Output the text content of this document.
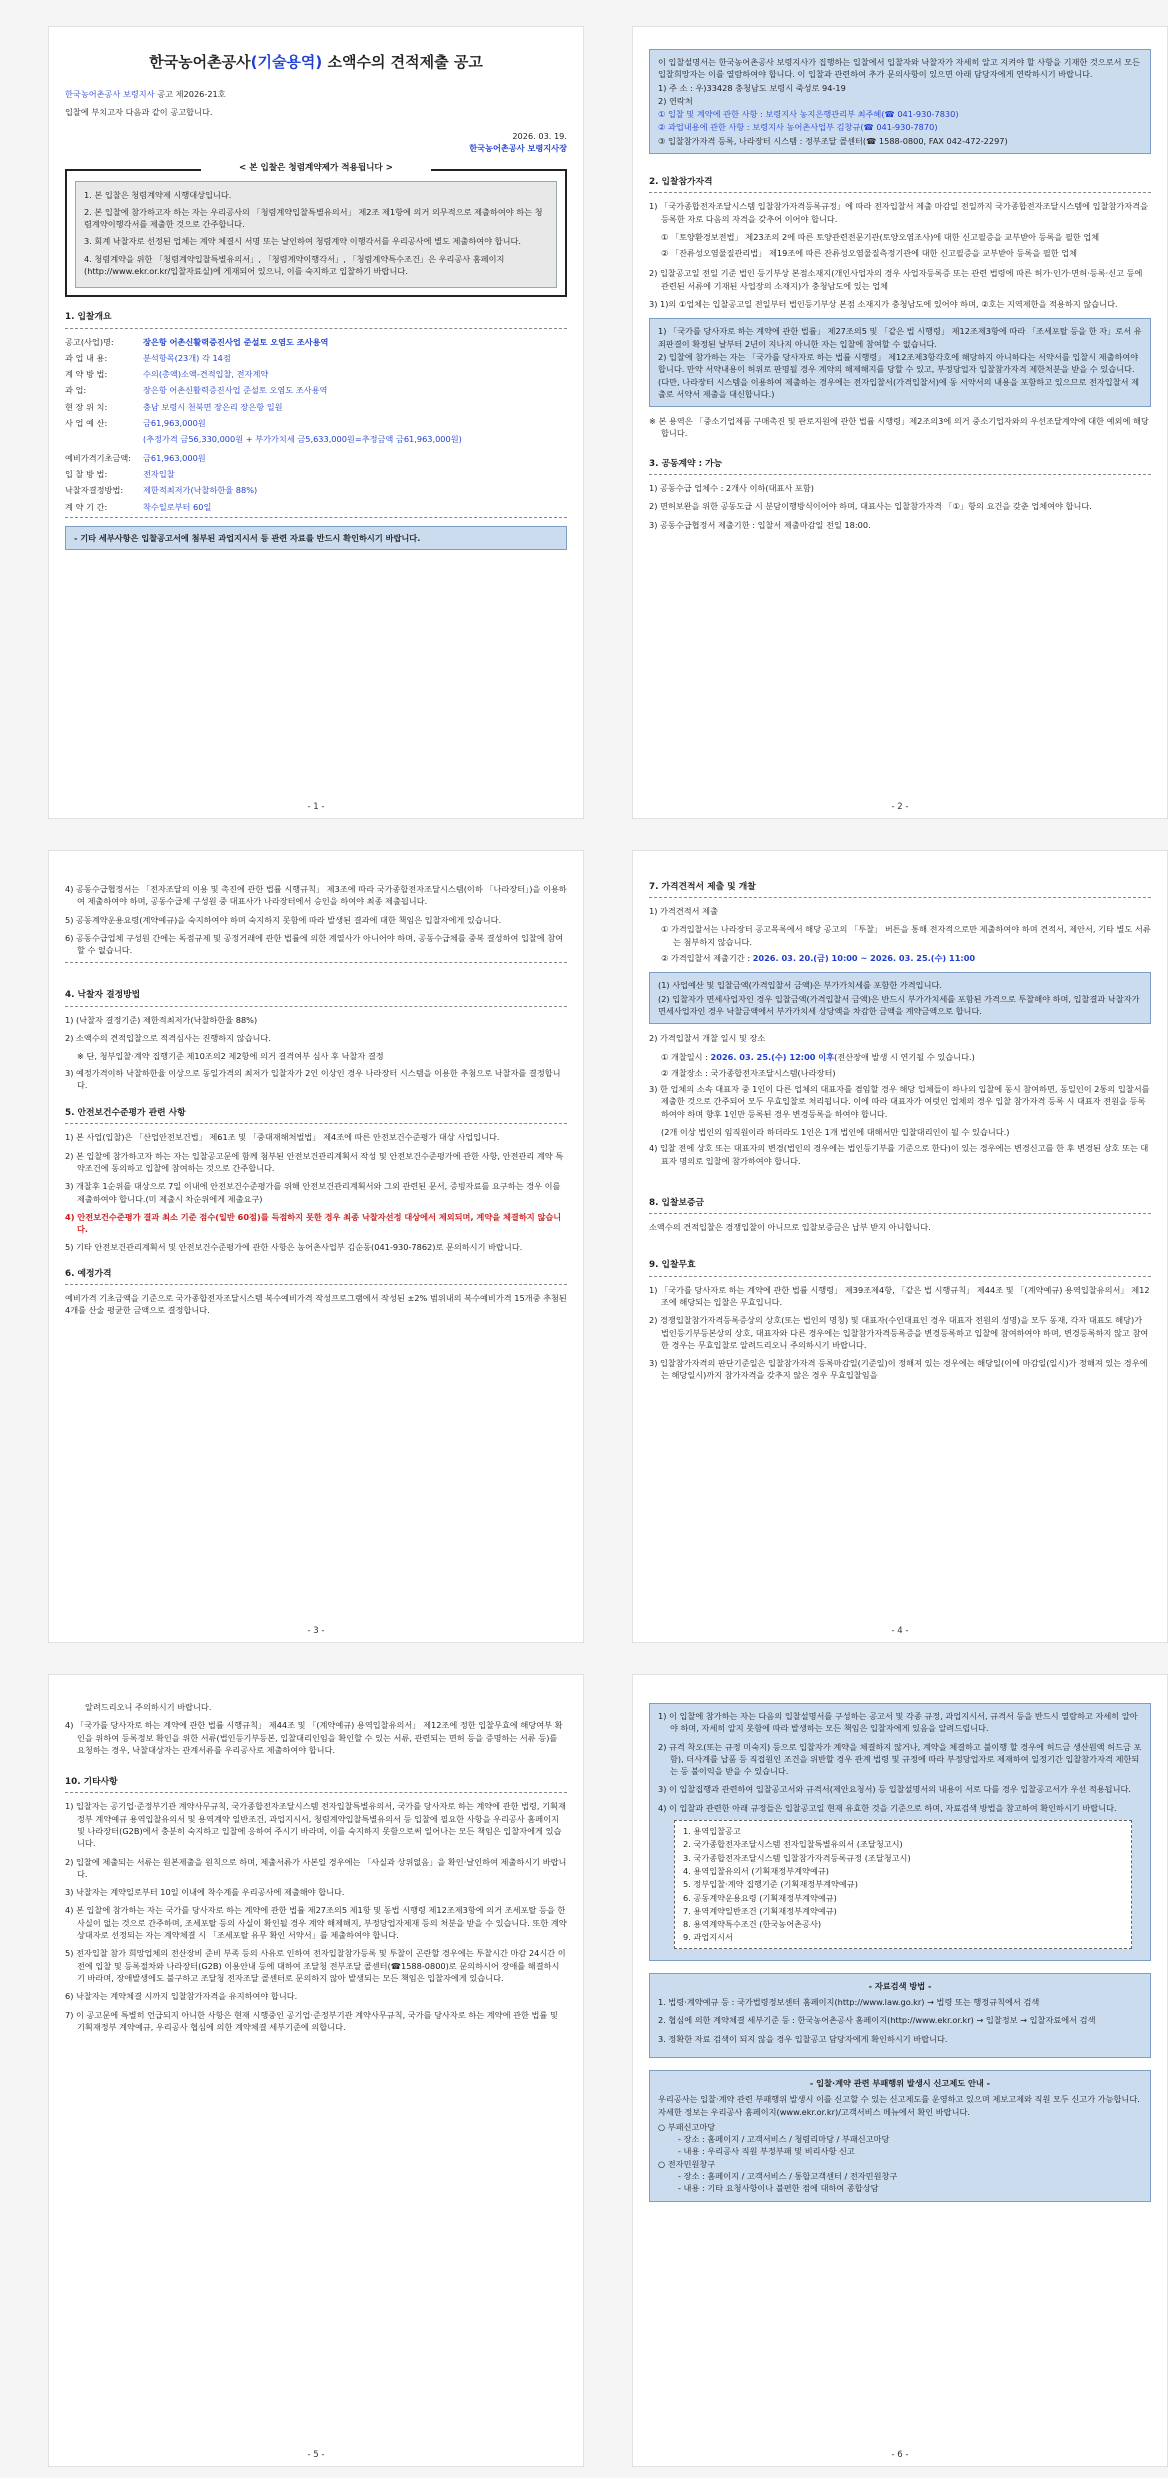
한국농어촌공사(기술용역) 소액수의 견적제출 공고
한국농어촌공사 보령지사 공고 제2026-21호
입찰에 부치고자 다음과 같이 공고합니다.
2026. 03. 19.
한국농어촌공사 보령지사장
< 본 입찰은 청렴계약제가 적용됩니다 >

1. 본 입찰은 청렴계약제 시행대상입니다.

2. 본 입찰에 참가하고자 하는 자는 우리공사의 「청렴계약입찰특별유의서」 제2조 제1항에 의거 의무적으로 제출하여야 하는 청렴계약이행각서를 제출한 것으로 간주합니다.

3. 회계 낙찰자로 선정된 업체는 계약 체결시 서명 또는 날인하여 청렴계약 이행각서를 우리공사에 별도 제출하여야 합니다.

4. 청렴계약을 위한 「청렴계약입찰특별유의서」, 「청렴계약이행각서」, 「청렴계약특수조건」은 우리공사 홈페이지(http://www.ekr.or.kr/입찰자료실)에 게재되어 있으니, 이를 숙지하고 입찰하기 바랍니다.

1. 입찰개요
공고(사업)명:	장은항 어촌신활력증진사업 준설토 오염도 조사용역
과 업 내 용:	분석항목(23개) 각 14점
계 약 방 법:	수의(총액)소액-견적입찰, 전자계약
과 업:	장은항 어촌신활력증진사업 준설토 오염도 조사용역
현 장 위 치:	충남 보령시 천북면 장은리 장은항 일원
사 업 예 산:	금61,963,000원
(추정가격 금56,330,000원 + 부가가치세 금5,633,000원=추정금액 금61,963,000원)
예비가격기초금액:	금61,963,000원
입 찰 방 법:	전자입찰
낙찰자결정방법:	제한적최저가(낙찰하한율 88%)
계 약 기 간:	착수일로부터 60일
- 기타 세부사항은 입찰공고서에 첨부된 과업지시서 등 관련 자료를 반드시 확인하시기 바랍니다.
- 1 -

이 입찰설명서는 한국농어촌공사 보령지사가 집행하는 입찰에서 입찰자와 낙찰자가 자세히 알고 지켜야 할 사항을 기재한 것으로서 모든 입찰희망자는 이를 열람하여야 합니다. 이 입찰과 관련하여 추가 문의사항이 있으면 아래 담당자에게 연락하시기 바랍니다.

1) 주 소 : 우)33428 충청남도 보령시 죽성로 94-19

2) 연락처

① 입찰 및 계약에 관한 사항 : 보령지사 농지은행관리부 최주혜(☎ 041-930-7830)

② 과업내용에 관한 사항 : 보령지사 농어촌사업부 김창규(☎ 041-930-7870)

③ 입찰참가자격 등록, 나라장터 시스템 : 정부조달 콜센터(☎ 1588-0800, FAX 042-472-2297)

2. 입찰참가자격
1) 「국가종합전자조달시스템 입찰참가자격등록규정」에 따라 전자입찰서 제출 마감일 전일까지 국가종합전자조달시스템에 입찰참가자격을 등록한 자로 다음의 자격을 갖추어 이어야 합니다.
① 「토양환경보전법」 제23조의 2에 따른 토양관련전문기관(토양오염조사)에 대한 신고필증을 교부받아 등록을 필한 업체
② 「잔류성오염물질관리법」 제19조에 따른 잔류성오염물질측정기관에 대한 신고필증을 교부받아 등록을 필한 업체
2) 입찰공고일 전일 기준 법인 등기부상 본점소재지(개인사업자의 경우 사업자등록증 또는 관련 법령에 따른 허가·인가·면허·등록·신고 등에 관련된 서류에 기재된 사업장의 소재지)가 충청남도에 있는 업체
3) 1)의 ①업체는 입찰공고일 전일부터 법인등기부상 본점 소재지가 충청남도에 있어야 하며, ②호는 지역제한을 적용하지 않습니다.

1) 「국가를 당사자로 하는 계약에 관한 법률」 제27조의5 및 「같은 법 시행령」 제12조제3항에 따라 「조세포탈 등을 한 자」로서 유죄판결이 확정된 날부터 2년이 지나지 아니한 자는 입찰에 참여할 수 없습니다.

2) 입찰에 참가하는 자는 「국가를 당사자로 하는 법률 시행령」 제12조제3항각호에 해당하지 아니하다는 서약서를 입찰시 제출하여야 합니다. 만약 서약내용이 허위로 판명될 경우 계약의 해제해지를 당할 수 있고, 부정당업자 입찰참가자격 제한처분을 받을 수 있습니다. (다만, 나라장터 시스템을 이용하여 제출하는 경우에는 전자입찰서(가격입찰서)에 동 서약서의 내용을 포함하고 있으므로 전자입찰서 제출로 서약서 제출을 대신합니다.)

※ 본 용역은 「중소기업제품 구매촉진 및 판로지원에 관한 법률 시행령」제2조의3에 의거 중소기업자와의 우선조달계약에 대한 예외에 해당합니다.
3. 공동계약 : 가능
1) 공동수급 업체수 : 2개사 이하(대표사 포함)
2) 면허보완을 위한 공동도급 시 분담이행방식이어야 하며, 대표사는 입찰참가자격 「①」항의 요건을 갖춘 업체여야 합니다.
3) 공동수급협정서 제출기한 : 입찰서 제출마감일 전일 18:00.
- 2 -
4) 공동수급협정서는 「전자조달의 이용 및 촉진에 관한 법률 시행규칙」 제3조에 따라 국가종합전자조달시스템(이하 「나라장터」)을 이용하여 제출하여야 하며, 공동수급체 구성원 중 대표사가 나라장터에서 승인을 하여야 최종 제출됩니다.
5) 공동계약운용요령(계약예규)을 숙지하여야 하며 숙지하지 못함에 따라 발생된 결과에 대한 책임은 입찰자에게 있습니다.
6) 공동수급업체 구성원 간에는 독점규제 및 공정거래에 관한 법률에 의한 계열사가 아니어야 하며, 공동수급체를 중복 결성하여 입찰에 참여할 수 없습니다.
4. 낙찰자 결정방법
1) (낙찰자 결정기준) 제한적최저가(낙찰하한율 88%)
2) 소액수의 견적입찰으로 적격심사는 진행하지 않습니다.
※ 단, 청부입찰·계약 집행기준 제10조의2 제2항에 의거 결격여부 심사 후 낙찰자 결정
3) 예정가격이하 낙찰하한율 이상으로 동일가격의 최저가 입찰자가 2인 이상인 경우 나라장터 시스템을 이용한 추첨으로 낙찰자를 결정합니다.
5. 안전보건수준평가 관련 사항
1) 본 사업(입찰)은 「산업안전보건법」 제61조 및 「중대재해처벌법」 제4조에 따른 안전보건수준평가 대상 사업입니다.
2) 본 입찰에 참가하고자 하는 자는 입찰공고문에 함께 첨부된 안전보건관리계획서 작성 및 안전보건수준평가에 관한 사항, 안전관리 계약 특약조건에 동의하고 입찰에 참여하는 것으로 간주합니다.
3) 개찰후 1순위를 대상으로 7일 이내에 안전보건수준평가를 위해 안전보건관리계획서와 그외 관련된 문서, 증빙자료를 요구하는 경우 이를 제출하여야 합니다.(미 제출시 차순위에게 제출요구)
4) 안전보건수준평가 결과 최소 기준 점수(일반 60점)를 득점하지 못한 경우 최종 낙찰자선정 대상에서 제외되며, 계약을 체결하지 않습니다.
5) 기타 안전보건관리계획서 및 안전보건수준평가에 관한 사항은 농어촌사업부 김순동(041-930-7862)로 문의하시기 바랍니다.
6. 예정가격
예비가격 기초금액을 기준으로 국가종합전자조달시스템 복수예비가격 작성프로그램에서 작성된 ±2% 범위내의 복수예비가격 15개중 추첨된 4개를 산술 평균한 금액으로 결정합니다.
- 3 -
7. 가격견적서 제출 및 개찰
1) 가격견적서 제출
① 가격입찰서는 나라장터 공고목록에서 해당 공고의 「투찰」 버튼을 통해 전자적으로만 제출하여야 하며 견적서, 제안서, 기타 별도 서류는 첨부하지 않습니다.
② 가격입찰서 제출기간 : 2026. 03. 20.(금) 10:00 ~ 2026. 03. 25.(수) 11:00

(1) 사업예산 및 입찰금액(가격입찰서 금액)은 부가가치세를 포함한 가격입니다.

(2) 입찰자가 면세사업자인 경우 입찰금액(가격입찰서 금액)은 반드시 부가가치세를 포함된 가격으로 투찰해야 하며, 입찰결과 낙찰자가 면세사업자인 경우 낙찰금액에서 부가가치세 상당액을 차감한 금액을 계약금액으로 합니다.

2) 가격입찰서 개찰 일시 및 장소
① 개찰일시 : 2026. 03. 25.(수) 12:00 이후(전산장애 발생 시 연기될 수 있습니다.)
② 개찰장소 : 국가종합전자조달시스템(나라장터)
3) 한 업체의 소속 대표자 중 1인이 다른 업체의 대표자를 겸임할 경우 해당 업체들이 하나의 입찰에 동시 참여하면, 동일인이 2통의 입찰서를 제출한 것으로 간주되어 모두 무효입찰로 처리됩니다. 이에 따라 대표자가 여럿인 업체의 경우 입찰 참가자격 등록 시 대표자 전원을 등록하여야 하며 향후 1인만 등록된 경우 변경등록을 하여야 합니다.
(2개 이상 법인의 임직원이라 하더라도 1인은 1개 법인에 대해서만 입찰대리인이 될 수 있습니다.)
4) 입찰 전에 상호 또는 대표자의 변경(법인의 경우에는 법인등기부를 기준으로 한다)이 있는 경우에는 변경신고를 한 후 변경된 상호 또는 대표자 명의로 입찰에 참가하여야 합니다.
8. 입찰보증금
소액수의 견적입찰은 경쟁입찰이 아니므로 입찰보증금은 납부 받지 아니합니다.
9. 입찰무효
1) 「국가를 당사자로 하는 계약에 관한 법률 시행령」 제39조제4항, 「같은 법 시행규칙」 제44조 및 「(계약예규) 용역입찰유의서」 제12조에 해당되는 입찰은 무효입니다.
2) 경쟁입찰참가자격등록증상의 상호(또는 법인의 명칭) 및 대표자(수인대표인 경우 대표자 전원의 성명)을 모두 동재, 각자 대표도 해당)가 법인등기부등본상의 상호, 대표자와 다른 경우에는 입찰참가자격등록증을 변경등록하고 입찰에 참여하여야 하며, 변경등록하지 않고 참여한 경우는 무효입찰로 알려드리오니 주의하시기 바랍니다.
3) 입찰참가자격의 판단기준일은 입찰참가자격 등록마감일(기준일)이 정해져 있는 경우에는 해당일(이에 마감일(일시)가 정해져 있는 경우에는 해당일시)까지 참가자격을 갖추지 않은 경우 무효입찰임을
- 4 -
알려드리오니 주의하시기 바랍니다.
4) 「국가를 당사자로 하는 계약에 관한 법률 시행규칙」 제44조 및 「(계약예규) 용역입찰유의서」 제12조에 정한 입찰무효에 해당여부 확인을 위하여 등록정보 확인을 위한 서류(법인등기부등본, 입찰대리인임을 확인할 수 있는 서류, 관련되는 면허 등을 증명하는 서류 등)를 요청하는 경우, 낙찰대상자는 관계서류를 우리공사로 제출하여야 합니다.
10. 기타사항
1) 입찰자는 공기업·준정부기관 계약사무규칙, 국가종합전자조달시스템 전자입찰특별유의서, 국가를 당사자로 하는 계약에 관한 법령, 기획재정부 계약예규 용역입찰유의서 및 용역계약 일반조건, 과업지시서, 청렴계약입찰특별유의서 등 입찰에 필요한 사항을 우리공사 홈페이지 및 나라장터(G2B)에서 충분히 숙지하고 입찰에 응하여 주시기 바라며, 이를 숙지하지 못함으로써 일어나는 모든 책임은 입찰자에게 있습니다.
2) 입찰에 제출되는 서류는 원본제출을 원칙으로 하며, 제출서류가 사본일 경우에는 「사실과 상위없음」을 확인·날인하여 제출하시기 바랍니다.
3) 낙찰자는 계약일로부터 10일 이내에 착수계를 우리공사에 제출해야 합니다.
4) 본 입찰에 참가하는 자는 국가를 당사자로 하는 계약에 관한 법률 제27조의5 제1항 및 동법 시행령 제12조제3항에 의거 조세포탈 등을 한 사실이 없는 것으로 간주하며, 조세포탈 등의 사실이 확인될 경우 계약 해제해지, 부정당업자제재 등의 처분을 받을 수 있습니다. 또한 계약상대자로 선정되는 자는 계약체결 시 「조세포탈 유무 확인 서약서」를 제출하여야 합니다.
5) 전자입찰 참가 희망업체의 전산장비 준비 부족 등의 사유로 인하여 전자입찰참가등록 및 투찰이 곤란할 경우에는 투찰시간 마감 24시간 이전에 입찰 및 등록절차와 나라장터(G2B) 이용안내 등에 대하여 조달청 전부조달 콜센터(☎1588-0800)로 문의하시어 장애를 해결하시기 바라며, 장애발생에도 불구하고 조달청 전자조달 콜센터로 문의하지 않아 발생되는 모든 책임은 입찰자에게 있습니다.
6) 낙찰자는 계약체결 시까지 입찰참가자격을 유지하여야 합니다.
7) 이 공고문에 특별히 언급되지 아니한 사항은 현재 시행중인 공기업·준정부기관 계약사무규칙, 국가를 당사자로 하는 계약에 관한 법률 및 기획재정부 계약예규, 우리공사 협심에 의한 계약체결 세부기준에 의합니다.
- 5 -
1) 이 입찰에 참가하는 자는 다음의 입찰설명서를 구성하는 공고서 및 각종 규정, 과업지시서, 규격서 등을 반드시 열람하고 자세히 알아야 하며, 자세히 알지 못함에 따라 발생하는 모든 책임은 입찰자에게 있음을 알려드립니다.
2) 규격 착오(또는 규정 미숙지) 등으로 입찰자가 계약을 체결하지 않거나, 계약을 체결하고 불이행 할 경우에 허드금 생산원액 허드금 포함), 더사계를 납품 등 직접원인 조건을 위반할 경우 관계 법령 및 규정에 따라 부정당업자로 제재하여 일정기간 입찰참가자격 제한되는 등 불이익을 받을 수 있습니다.
3) 이 입찰집행과 관련하여 입찰공고서와 규격서(제안요청서) 등 입찰설명서의 내용이 서로 다를 경우 입찰공고서가 우선 적용됩니다.
4) 이 입찰과 관련한 아래 규정들은 입찰공고일 현재 유효한 것을 기준으로 하며, 자료검색 방법을 참고하여 확인하시기 바랍니다.

1. 용역입찰공고

2. 국가종합전자조달시스템 전자입찰특별유의서 (조달청고시)

3. 국가종합전자조달시스템 입찰참가자격등록규정 (조달청고시)

4. 용역입찰유의서 (기획재정부계약예규)

5. 정부입찰·계약 집행기준 (기획재정부계약예규)

6. 공동계약운용요령 (기획재정부계약예규)

7. 용역계약일반조건 (기획재정부계약예규)

8. 용역계약특수조건 (한국농어촌공사)

9. 과업지시서

- 자료검색 방법 -
1. 법령·계약예규 등 : 국가법령정보센터 홈페이지(http://www.law.go.kr) → 법령 또는 행정규칙에서 검색
2. 협심에 의한 계약체결 세부기준 등 : 한국농어촌공사 홈페이지(http://www.ekr.or.kr) → 입찰정보 → 입찰자료에서 검색
3. 정확한 자료 검색이 되지 않을 경우 입찰공고 담당자에게 확인하시기 바랍니다.
- 입찰·계약 관련 부패행위 발생시 신고제도 안내 -
우리공사는 입찰·계약 관련 부패행위 발생시 이를 신고할 수 있는 신고제도를 운영하고 있으며 제보고제와 직원 모두 신고가 가능합니다. 자세한 정보는 우리공사 홈페이지(www.ekr.or.kr)/고객서비스 메뉴에서 확인 바랍니다.
○ 부패신고마당
- 장소 : 홈페이지 / 고객서비스 / 청렴리마당 / 부패신고마당
- 내용 : 우리공사 직원 부정부패 및 비리사항 신고
○ 전자민원창구
- 장소 : 홈페이지 / 고객서비스 / 통합고객센터 / 전자민원창구
- 내용 : 기타 요청사항이나 불편한 점에 대하여 종합상담
- 6 -
